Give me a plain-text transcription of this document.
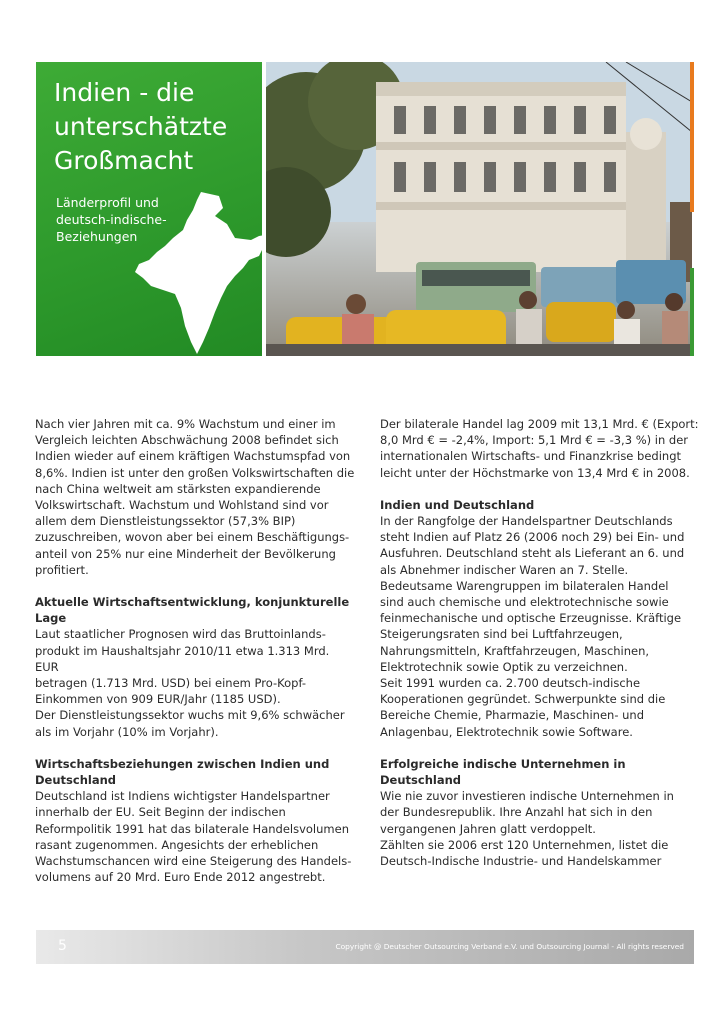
Indien - die
unterschätzte
Großmacht
Länderprofil und
deutsch-indische-
Beziehungen

Nach vier Jahren mit ca. 9% Wachstum und einer im

Vergleich leichten Abschwächung 2008 befindet sich

Indien wieder auf einem kräftigen Wachstumspfad von

8,6%. Indien ist unter den großen Volkswirtschaften die

nach China weltweit am stärksten expandierende

Volkswirtschaft. Wachstum und Wohlstand sind vor

allem dem Dienstleistungssektor (57,3% BIP)

zuzuschreiben, wovon aber bei einem Beschäftigungs-

anteil von 25% nur eine Minderheit der Bevölkerung

profitiert.

Aktuelle Wirtschaftsentwicklung, konjunkturelle

Lage

Laut staatlicher Prognosen wird das Bruttoinlands-

produkt im Haushaltsjahr 2010/11 etwa 1.313 Mrd. EUR

betragen (1.713 Mrd. USD) bei einem Pro-Kopf-

Einkommen von 909 EUR/Jahr (1185 USD).

Der Dienstleistungssektor wuchs mit 9,6% schwächer

als im Vorjahr (10% im Vorjahr).

Wirtschaftsbeziehungen zwischen Indien und

Deutschland

Deutschland ist Indiens wichtigster Handelspartner

innerhalb der EU. Seit Beginn der indischen

Reformpolitik 1991 hat das bilaterale Handelsvolumen

rasant zugenommen. Angesichts der erheblichen

Wachstumschancen wird eine Steigerung des Handels-

volumens auf 20 Mrd. Euro Ende 2012 angestrebt.

Der bilaterale Handel lag 2009 mit 13,1 Mrd. € (Export:

8,0 Mrd € = -2,4%, Import: 5,1 Mrd € = -3,3 %) in der

internationalen Wirtschafts- und Finanzkrise bedingt

leicht unter der Höchstmarke von 13,4 Mrd € in 2008.

Indien und Deutschland

In der Rangfolge der Handelspartner Deutschlands

steht Indien auf Platz 26 (2006 noch 29) bei Ein- und

Ausfuhren. Deutschland steht als Lieferant an 6. und

als Abnehmer indischer Waren an 7. Stelle.

Bedeutsame Warengruppen im bilateralen Handel

sind auch chemische und elektrotechnische sowie

feinmechanische und optische Erzeugnisse. Kräftige

Steigerungsraten sind bei Luftfahrzeugen,

Nahrungsmitteln, Kraftfahrzeugen, Maschinen,

Elektrotechnik sowie Optik zu verzeichnen.

Seit 1991 wurden ca. 2.700 deutsch-indische

Kooperationen gegründet. Schwerpunkte sind die

Bereiche Chemie, Pharmazie, Maschinen- und

Anlagenbau, Elektrotechnik sowie Software.

Erfolgreiche indische Unternehmen in

Deutschland

Wie nie zuvor investieren indische Unternehmen in

der Bundesrepublik. Ihre Anzahl hat sich in den

vergangenen Jahren glatt verdoppelt.

Zählten sie 2006 erst 120 Unternehmen, listet die

Deutsch-Indische Industrie- und Handelskammer

5	Copyright @ Deutscher Outsourcing Verband e.V. und Outsourcing Journal - All rights reserved
